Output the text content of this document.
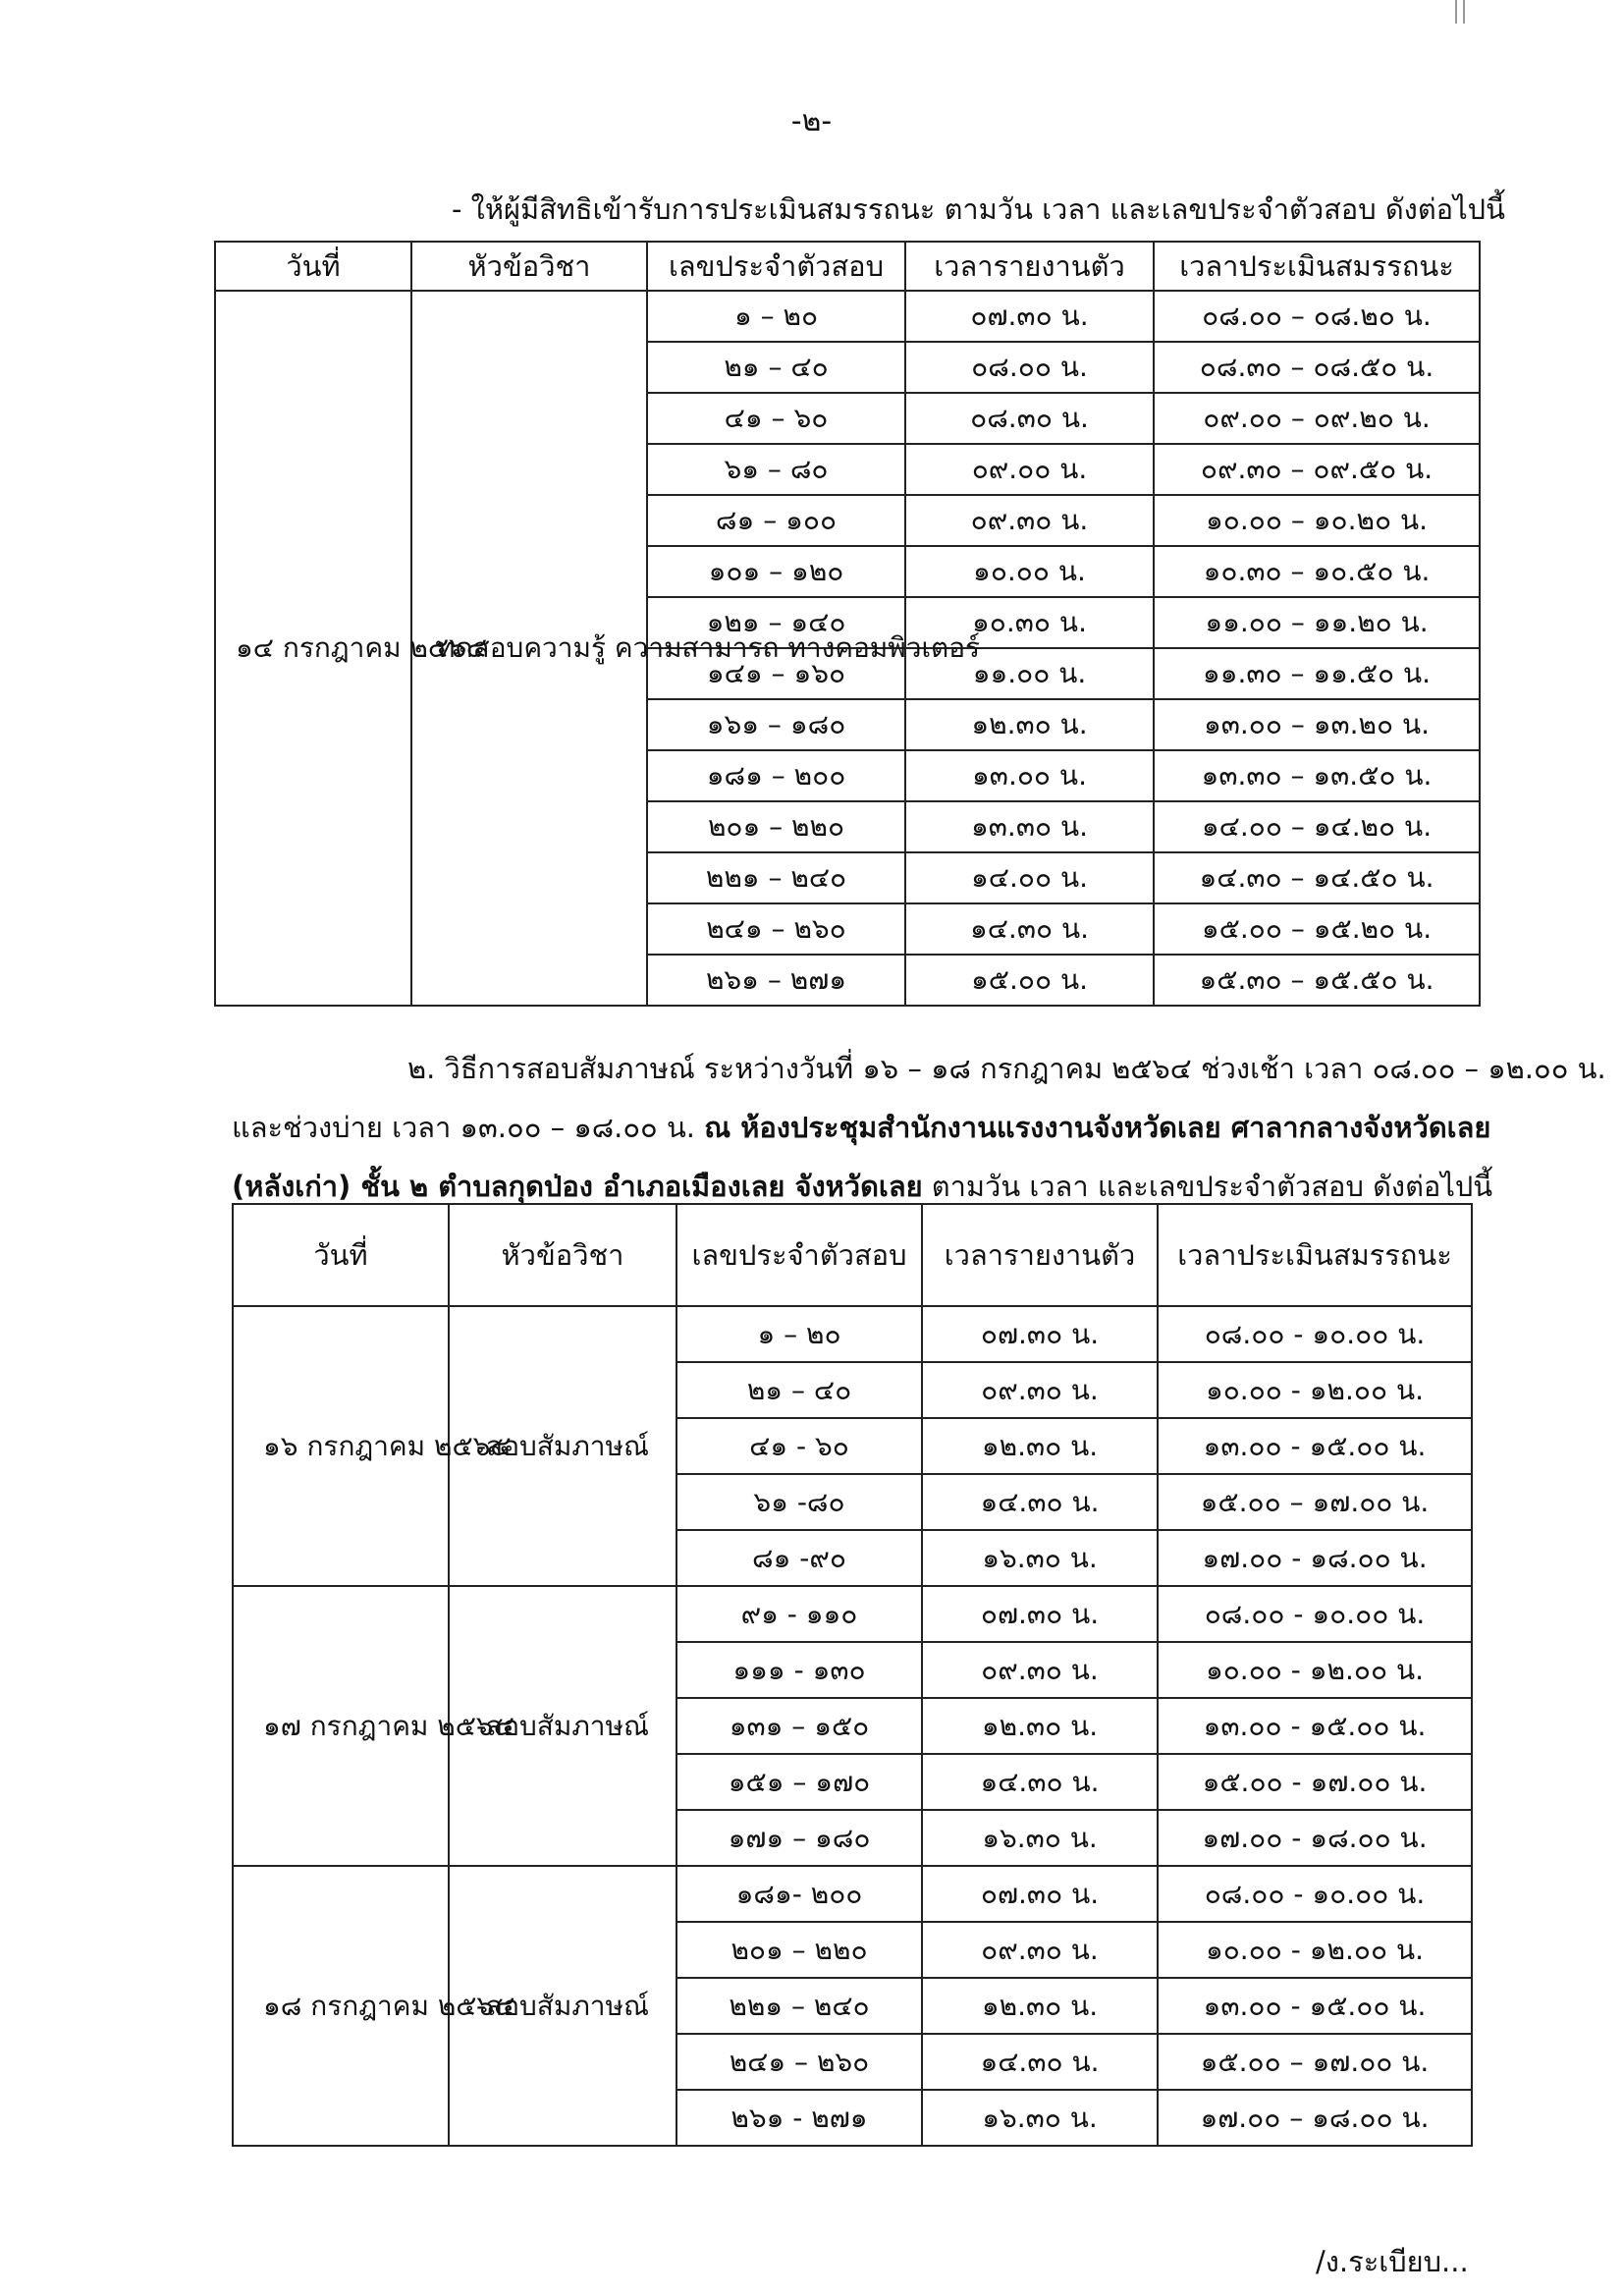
-๒-
- ให้ผู้มีสิทธิเข้ารับการประเมินสมรรถนะ ตามวัน เวลา และเลขประจำตัวสอบ ดังต่อไปนี้
วันที่	หัวข้อวิชา	เลขประจำตัวสอบ	เวลารายงานตัว	เวลาประเมินสมรรถนะ
๑๔ กรกฎาคม ๒๕๖๔	ทดสอบความรู้ ความสามารถ ทางคอมพิวเตอร์	๑ – ๒๐	๐๗.๓๐ น.	๐๘.๐๐ – ๐๘.๒๐ น.
		๒๑ – ๔๐	๐๘.๐๐ น.	๐๘.๓๐ – ๐๘.๕๐ น.
		๔๑ – ๖๐	๐๘.๓๐ น.	๐๙.๐๐ – ๐๙.๒๐ น.
		๖๑ – ๘๐	๐๙.๐๐ น.	๐๙.๓๐ – ๐๙.๕๐ น.
		๘๑ – ๑๐๐	๐๙.๓๐ น.	๑๐.๐๐ – ๑๐.๒๐ น.
		๑๐๑ – ๑๒๐	๑๐.๐๐ น.	๑๐.๓๐ – ๑๐.๕๐ น.
		๑๒๑ – ๑๔๐	๑๐.๓๐ น.	๑๑.๐๐ – ๑๑.๒๐ น.
		๑๔๑ – ๑๖๐	๑๑.๐๐ น.	๑๑.๓๐ – ๑๑.๕๐ น.
		๑๖๑ – ๑๘๐	๑๒.๓๐ น.	๑๓.๐๐ – ๑๓.๒๐ น.
		๑๘๑ – ๒๐๐	๑๓.๐๐ น.	๑๓.๓๐ – ๑๓.๕๐ น.
		๒๐๑ – ๒๒๐	๑๓.๓๐ น.	๑๔.๐๐ – ๑๔.๒๐ น.
		๒๒๑ – ๒๔๐	๑๔.๐๐ น.	๑๔.๓๐ – ๑๔.๕๐ น.
		๒๔๑ – ๒๖๐	๑๔.๓๐ น.	๑๕.๐๐ – ๑๕.๒๐ น.
		๒๖๑ – ๒๗๑	๑๕.๐๐ น.	๑๕.๓๐ – ๑๕.๕๐ น.
๒. วิธีการสอบสัมภาษณ์ ระหว่างวันที่ ๑๖ – ๑๘ กรกฎาคม ๒๕๖๔ ช่วงเช้า เวลา ๐๘.๐๐ – ๑๒.๐๐ น.
และช่วงบ่าย เวลา ๑๓.๐๐ – ๑๘.๐๐ น. ณ ห้องประชุมสำนักงานแรงงานจังหวัดเลย ศาลากลางจังหวัดเลย
(หลังเก่า) ชั้น ๒ ตำบลกุดป่อง อำเภอเมืองเลย จังหวัดเลย ตามวัน เวลา และเลขประจำตัวสอบ ดังต่อไปนี้
วันที่	หัวข้อวิชา	เลขประจำตัวสอบ	เวลารายงานตัว	เวลาประเมินสมรรถนะ
๑๖ กรกฎาคม ๒๕๖๔	-สอบสัมภาษณ์	๑ – ๒๐	๐๗.๓๐ น.	๐๘.๐๐ - ๑๐.๐๐ น.
		๒๑ – ๔๐	๐๙.๓๐ น.	๑๐.๐๐ - ๑๒.๐๐ น.
		๔๑ - ๖๐	๑๒.๓๐ น.	๑๓.๐๐ - ๑๕.๐๐ น.
		๖๑ -๘๐	๑๔.๓๐ น.	๑๕.๐๐ – ๑๗.๐๐ น.
		๘๑ -๙๐	๑๖.๓๐ น.	๑๗.๐๐ - ๑๘.๐๐ น.
๑๗ กรกฎาคม ๒๕๖๔	-สอบสัมภาษณ์	๙๑ - ๑๑๐	๐๗.๓๐ น.	๐๘.๐๐ - ๑๐.๐๐ น.
		๑๑๑ - ๑๓๐	๐๙.๓๐ น.	๑๐.๐๐ - ๑๒.๐๐ น.
		๑๓๑ – ๑๕๐	๑๒.๓๐ น.	๑๓.๐๐ - ๑๕.๐๐ น.
		๑๕๑ – ๑๗๐	๑๔.๓๐ น.	๑๕.๐๐ - ๑๗.๐๐ น.
		๑๗๑ – ๑๘๐	๑๖.๓๐ น.	๑๗.๐๐ - ๑๘.๐๐ น.
๑๘ กรกฎาคม ๒๕๖๔	-สอบสัมภาษณ์	๑๘๑- ๒๐๐	๐๗.๓๐ น.	๐๘.๐๐ - ๑๐.๐๐ น.
		๒๐๑ – ๒๒๐	๐๙.๓๐ น.	๑๐.๐๐ - ๑๒.๐๐ น.
		๒๒๑ – ๒๔๐	๑๒.๓๐ น.	๑๓.๐๐ - ๑๕.๐๐ น.
		๒๔๑ – ๒๖๐	๑๔.๓๐ น.	๑๕.๐๐ – ๑๗.๐๐ น.
		๒๖๑ - ๒๗๑	๑๖.๓๐ น.	๑๗.๐๐ – ๑๘.๐๐ น.
/ง.ระเบียบ...
